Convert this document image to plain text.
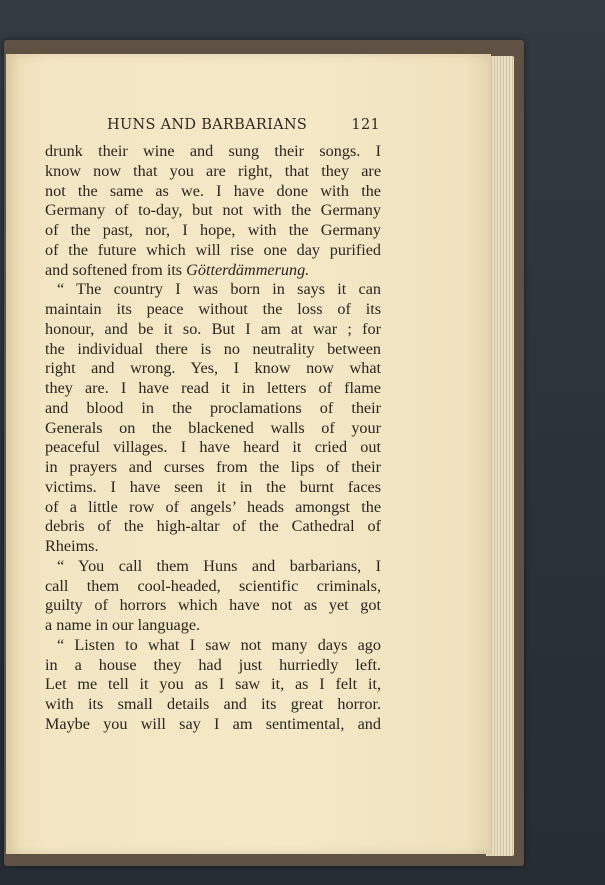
HUNS AND BARBARIANS	121
drunk their wine and sung their songs. I
know now that you are right, that they are
not the same as we. I have done with the
Germany of to-day, but not with the Germany
of the past, nor, I hope, with the Germany
of the future which will rise one day purified
and softened from its Götterdämmerung.
“ The country I was born in says it can
maintain its peace without the loss of its
honour, and be it so. But I am at war ; for
the individual there is no neutrality between
right and wrong. Yes, I know now what
they are. I have read it in letters of flame
and blood in the proclamations of their
Generals on the blackened walls of your
peaceful villages. I have heard it cried out
in prayers and curses from the lips of their
victims. I have seen it in the burnt faces
of a little row of angels’ heads amongst the
debris of the high-altar of the Cathedral of
Rheims.
“ You call them Huns and barbarians, I
call them cool-headed, scientific criminals,
guilty of horrors which have not as yet got
a name in our language.
“ Listen to what I saw not many days ago
in a house they had just hurriedly left.
Let me tell it you as I saw it, as I felt it,
with its small details and its great horror.
Maybe you will say I am sentimental, and
